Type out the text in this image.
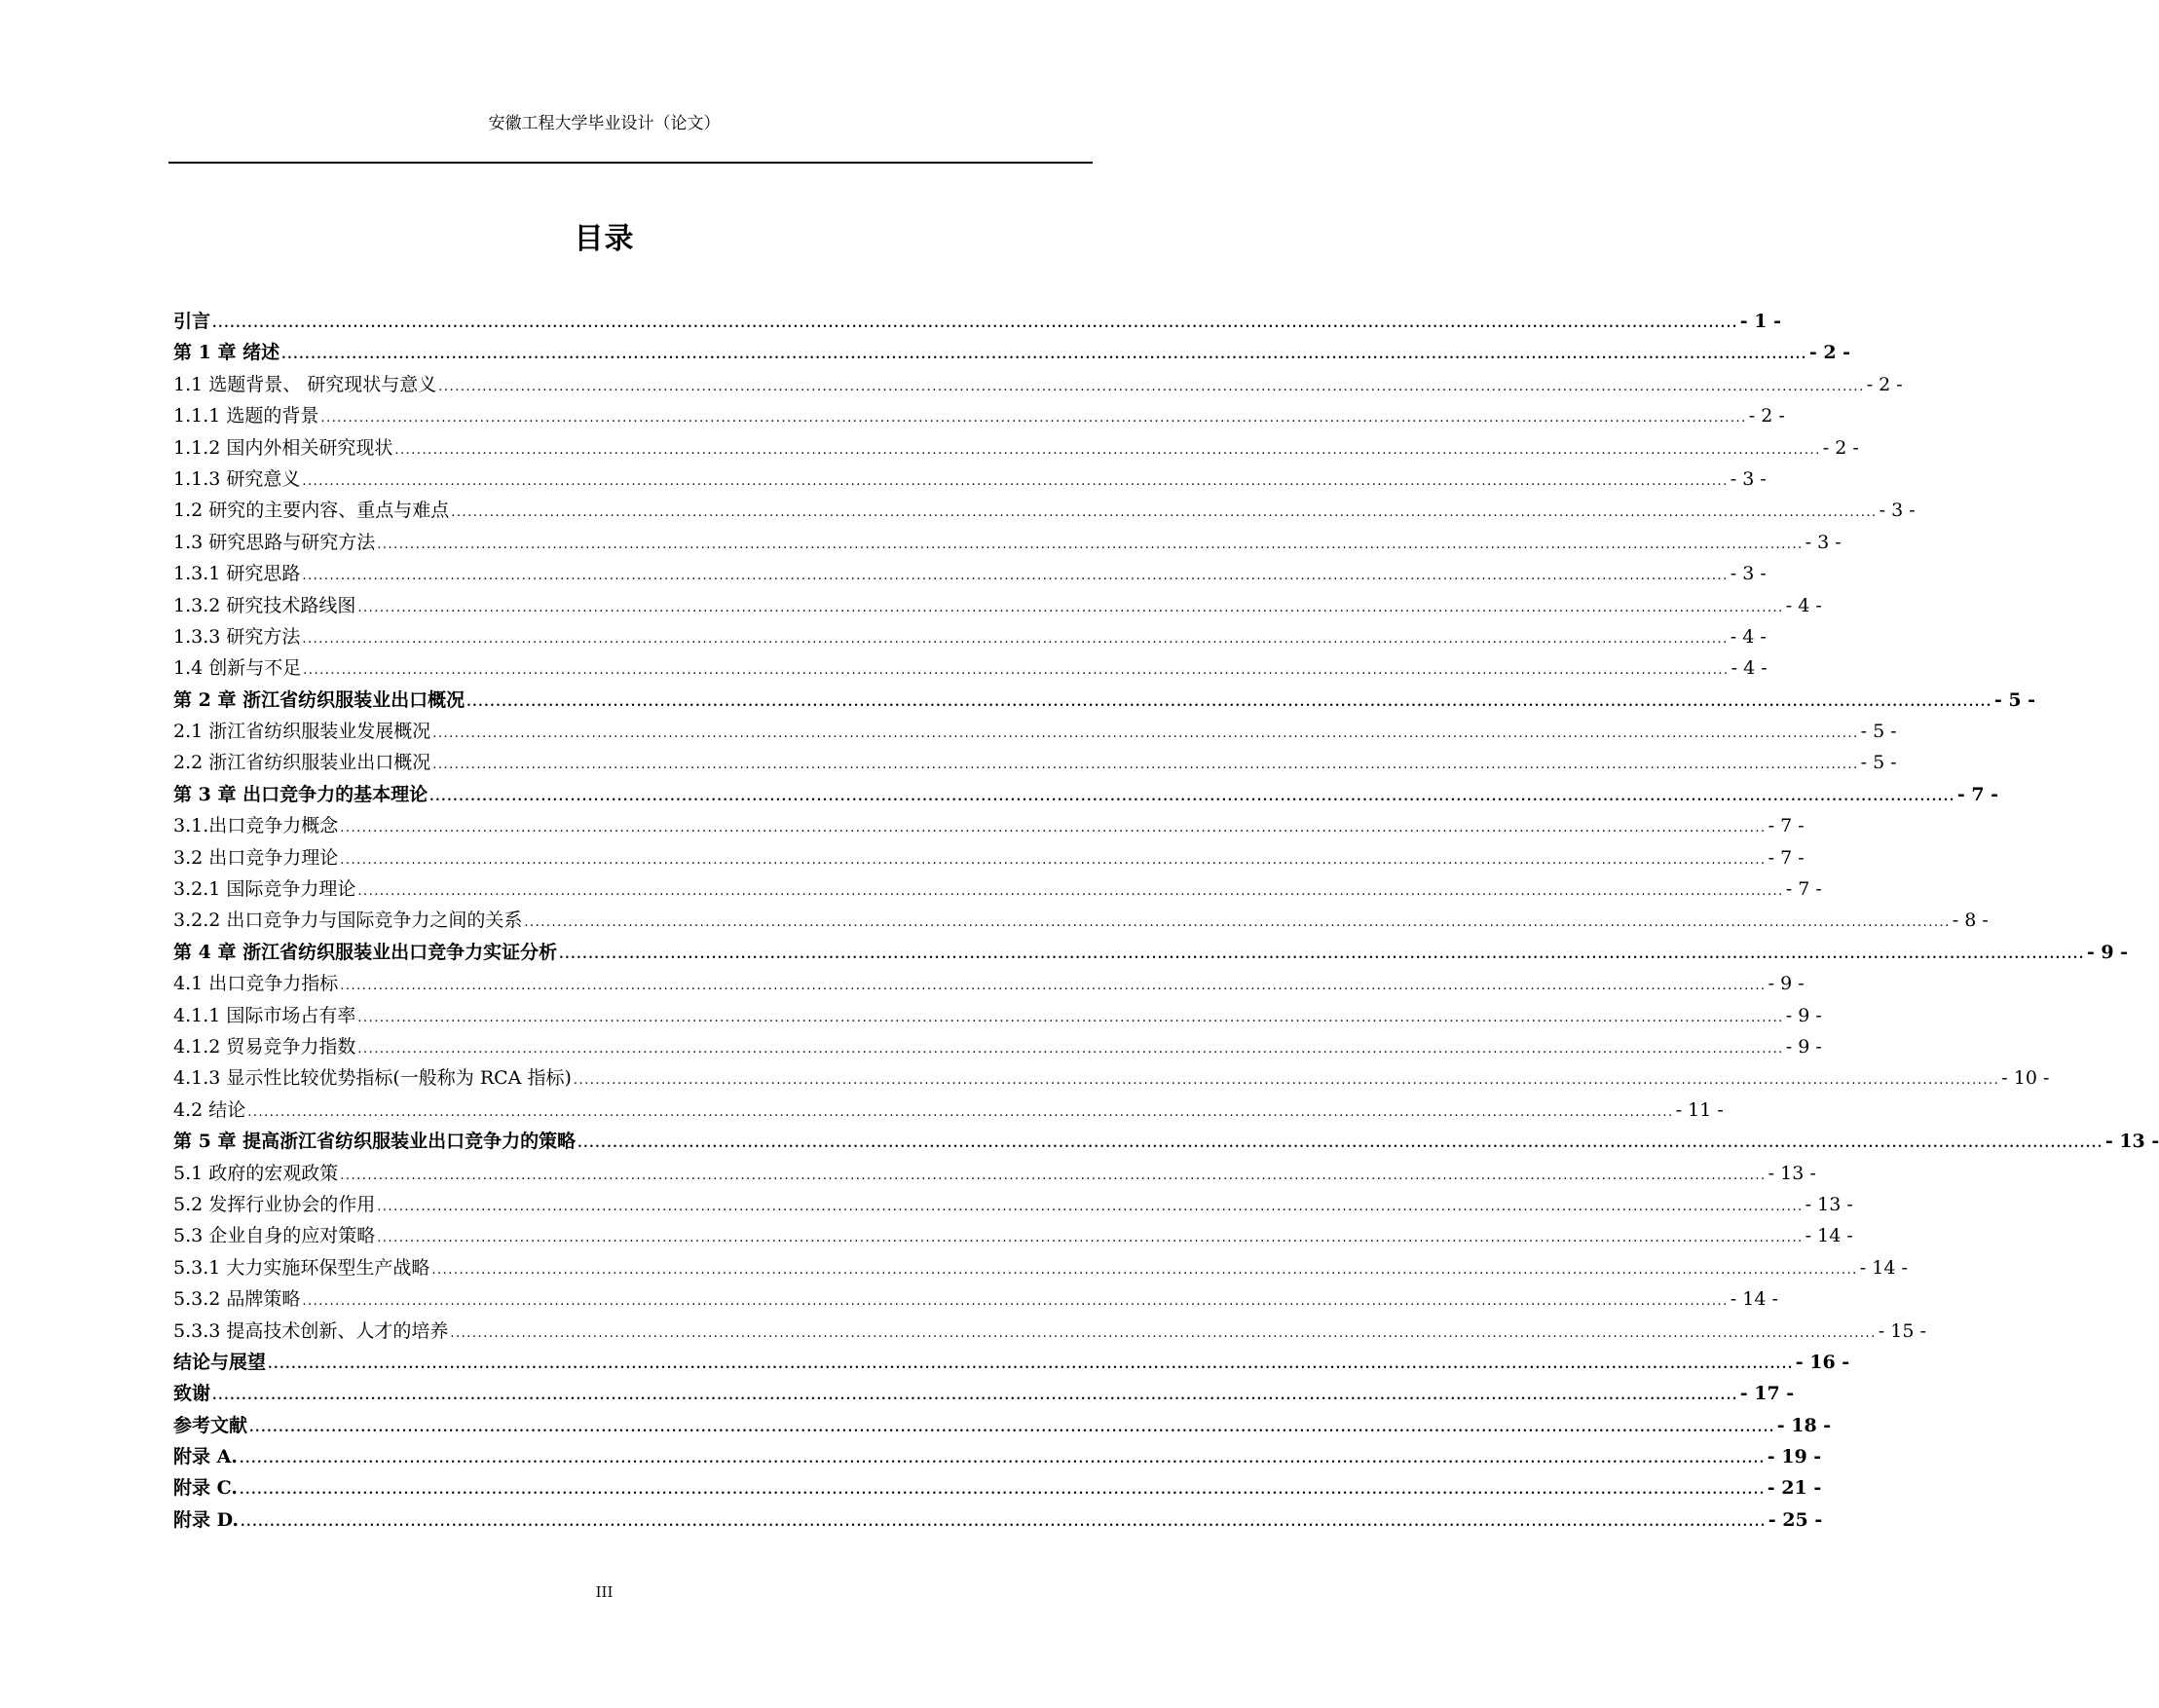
安徽工程大学毕业设计（论文）
目录
引言 .................................................................................................................................................................................................................................................................... - 1 -
第 1 章 绪述 .................................................................................................................................................................................................................................................................... - 2 -
1.1 选题背景、 研究现状与意义 .................................................................................................................................................................................................................................................................... - 2 -
1.1.1 选题的背景 .................................................................................................................................................................................................................................................................... - 2 -
1.1.2 国内外相关研究现状 .................................................................................................................................................................................................................................................................... - 2 -
1.1.3 研究意义 .................................................................................................................................................................................................................................................................... - 3 -
1.2 研究的主要内容、重点与难点 .................................................................................................................................................................................................................................................................... - 3 -
1.3 研究思路与研究方法 .................................................................................................................................................................................................................................................................... - 3 -
1.3.1 研究思路 .................................................................................................................................................................................................................................................................... - 3 -
1.3.2 研究技术路线图 .................................................................................................................................................................................................................................................................... - 4 -
1.3.3 研究方法 .................................................................................................................................................................................................................................................................... - 4 -
1.4 创新与不足 .................................................................................................................................................................................................................................................................... - 4 -
第 2 章 浙江省纺织服装业出口概况 .................................................................................................................................................................................................................................................................... - 5 -
2.1 浙江省纺织服装业发展概况 .................................................................................................................................................................................................................................................................... - 5 -
2.2 浙江省纺织服装业出口概况 .................................................................................................................................................................................................................................................................... - 5 -
第 3 章 出口竞争力的基本理论 .................................................................................................................................................................................................................................................................... - 7 -
3.1.出口竞争力概念 .................................................................................................................................................................................................................................................................... - 7 -
3.2 出口竞争力理论 .................................................................................................................................................................................................................................................................... - 7 -
3.2.1 国际竞争力理论 .................................................................................................................................................................................................................................................................... - 7 -
3.2.2 出口竞争力与国际竞争力之间的关系 .................................................................................................................................................................................................................................................................... - 8 -
第 4 章 浙江省纺织服装业出口竞争力实证分析 .................................................................................................................................................................................................................................................................... - 9 -
4.1 出口竞争力指标 .................................................................................................................................................................................................................................................................... - 9 -
4.1.1 国际市场占有率 .................................................................................................................................................................................................................................................................... - 9 -
4.1.2 贸易竞争力指数 .................................................................................................................................................................................................................................................................... - 9 -
4.1.3 显示性比较优势指标(一般称为 RCA 指标) .................................................................................................................................................................................................................................................................... - 10 -
4.2 结论 .................................................................................................................................................................................................................................................................... - 11 -
第 5 章 提高浙江省纺织服装业出口竞争力的策略 .................................................................................................................................................................................................................................................................... - 13 -
5.1 政府的宏观政策 .................................................................................................................................................................................................................................................................... - 13 -
5.2 发挥行业协会的作用 .................................................................................................................................................................................................................................................................... - 13 -
5.3 企业自身的应对策略 .................................................................................................................................................................................................................................................................... - 14 -
5.3.1 大力实施环保型生产战略 .................................................................................................................................................................................................................................................................... - 14 -
5.3.2 品牌策略 .................................................................................................................................................................................................................................................................... - 14 -
5.3.3 提高技术创新、人才的培养 .................................................................................................................................................................................................................................................................... - 15 -
结论与展望 .................................................................................................................................................................................................................................................................... - 16 -
致谢 .................................................................................................................................................................................................................................................................... - 17 -
参考文献 .................................................................................................................................................................................................................................................................... - 18 -
附录 A. .................................................................................................................................................................................................................................................................... - 19 -
附录 C. .................................................................................................................................................................................................................................................................... - 21 -
附录 D. .................................................................................................................................................................................................................................................................... - 25 -
III
